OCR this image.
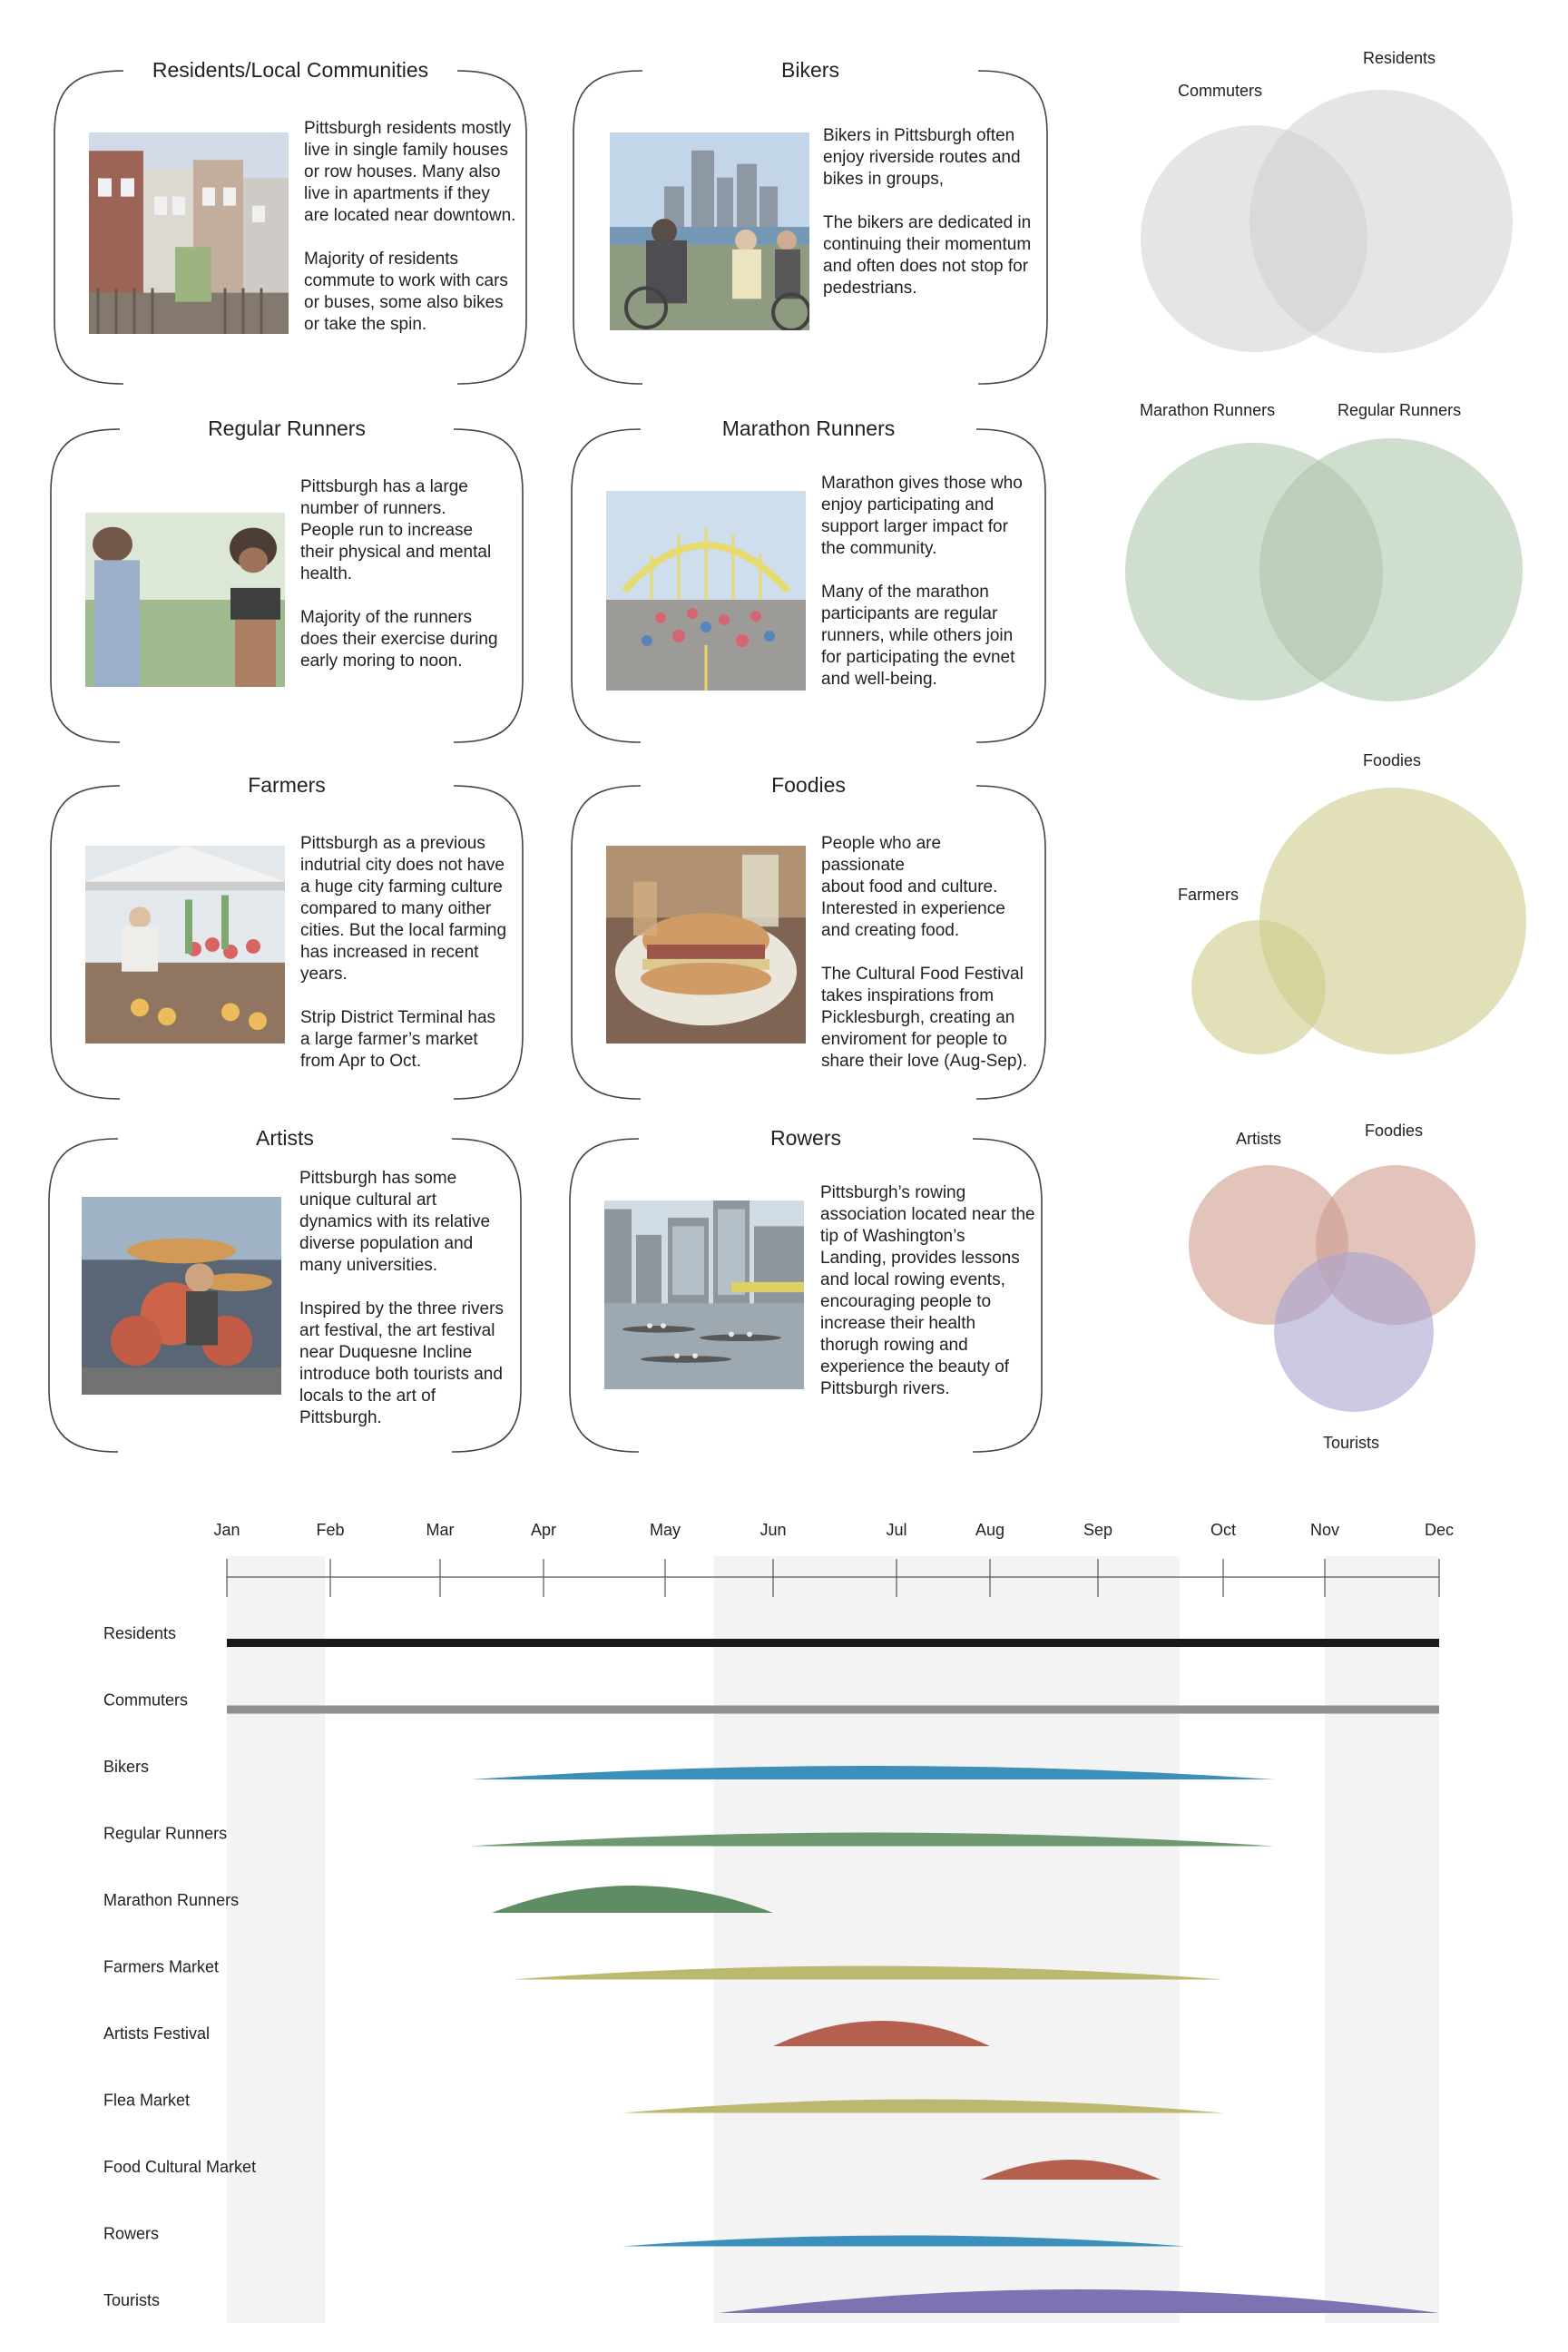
Residents/Local Communities

Pittsburgh residents mostly
live in single family houses
or row houses. Many also
live in apartments if they
are located near downtown.

Majority of residents
commute to work with cars
or buses, some also bikes
or take the spin.

Bikers

Bikers in Pittsburgh often
enjoy riverside routes and
bikes in groups,

The bikers are dedicated in
continuing their momentum
and often does not stop for
pedestrians.

Regular Runners

Pittsburgh has a large
number of runners.
People run to increase
their physical and mental
health.

Majority of the runners
does their exercise during
early moring to noon.

Marathon Runners

Marathon gives those who
enjoy participating and
support larger impact for
the community.

Many of the marathon
participants are regular
runners, while others join
for participating the evnet
and well-being.

Farmers

Pittsburgh as a previous
indutrial city does not have
a huge city farming culture
compared to many oither
cities. But the local farming
has increased in recent
years.

Strip District Terminal has
a large farmer’s market
from Apr to Oct.

Foodies

People who are
passionate
about food and culture.
Interested in experience
and creating food.

The Cultural Food Festival
takes inspirations from
Picklesburgh, creating an
enviroment for people to
share their love (Aug-Sep).

Artists

Pittsburgh has some
unique cultural art
dynamics with its relative
diverse population and
many universities.

Inspired by the three rivers
art festival, the art festival
near Duquesne Incline
introduce both tourists and
locals to the art of
Pittsburgh.

Rowers

Pittsburgh’s rowing
association located near the
tip of Washington’s
Landing, provides lessons
and local rowing events,
encouraging people to
increase their health
thorugh rowing and
experience the beauty of
Pittsburgh rivers.

Commuters
Residents
Marathon Runners	Regular Runners
Foodies
Farmers
Artists	Foodies
Tourists
Jan	Feb	Mar	Apr	May	Jun	Jul	Aug	Sep	Oct	Nov	Dec
Residents
Commuters
Bikers
Regular Runners
Marathon Runners
Farmers Market
Artists Festival
Flea Market
Food Cultural Market
Rowers
Tourists
